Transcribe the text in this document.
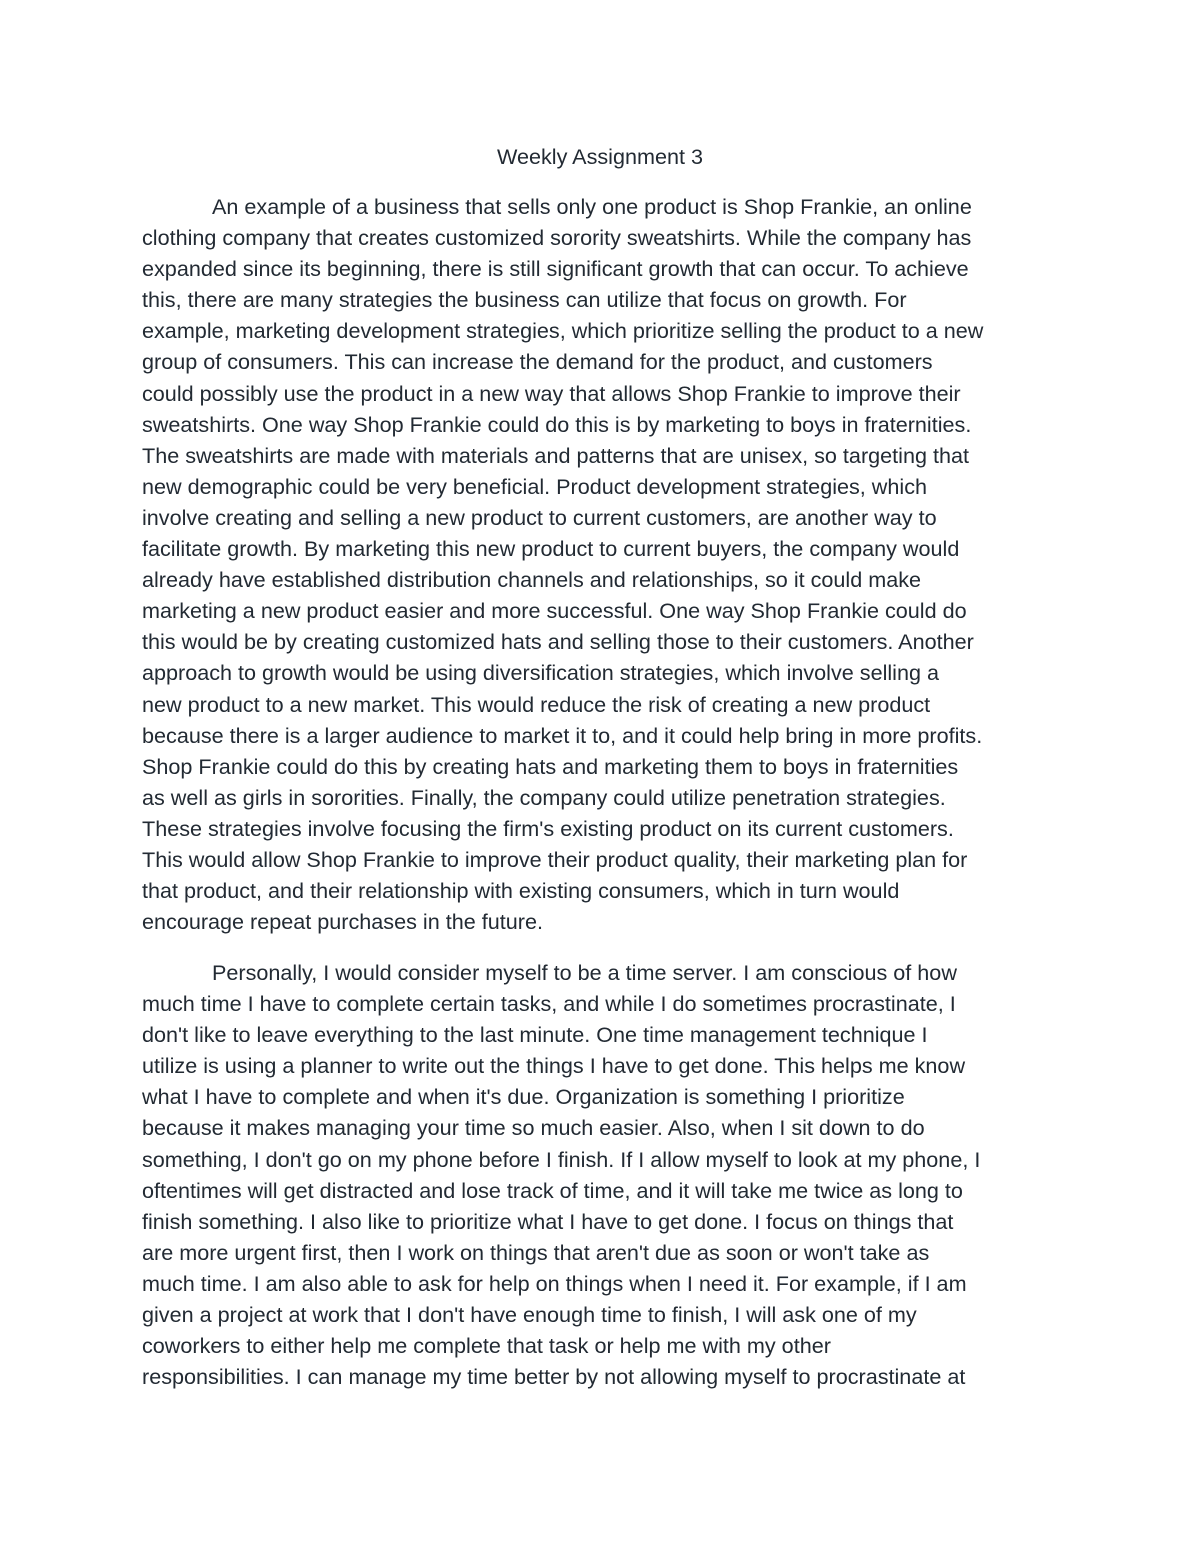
Weekly Assignment 3
An example of a business that sells only one product is Shop Frankie, an online
clothing company that creates customized sorority sweatshirts. While the company has
expanded since its beginning, there is still significant growth that can occur. To achieve
this, there are many strategies the business can utilize that focus on growth. For
example, marketing development strategies, which prioritize selling the product to a new
group of consumers. This can increase the demand for the product, and customers
could possibly use the product in a new way that allows Shop Frankie to improve their
sweatshirts. One way Shop Frankie could do this is by marketing to boys in fraternities.
The sweatshirts are made with materials and patterns that are unisex, so targeting that
new demographic could be very beneficial. Product development strategies, which
involve creating and selling a new product to current customers, are another way to
facilitate growth. By marketing this new product to current buyers, the company would
already have established distribution channels and relationships, so it could make
marketing a new product easier and more successful. One way Shop Frankie could do
this would be by creating customized hats and selling those to their customers. Another
approach to growth would be using diversification strategies, which involve selling a
new product to a new market. This would reduce the risk of creating a new product
because there is a larger audience to market it to, and it could help bring in more profits.
Shop Frankie could do this by creating hats and marketing them to boys in fraternities
as well as girls in sororities. Finally, the company could utilize penetration strategies.
These strategies involve focusing the firm's existing product on its current customers.
This would allow Shop Frankie to improve their product quality, their marketing plan for
that product, and their relationship with existing consumers, which in turn would
encourage repeat purchases in the future.
Personally, I would consider myself to be a time server. I am conscious of how
much time I have to complete certain tasks, and while I do sometimes procrastinate, I
don't like to leave everything to the last minute. One time management technique I
utilize is using a planner to write out the things I have to get done. This helps me know
what I have to complete and when it's due. Organization is something I prioritize
because it makes managing your time so much easier. Also, when I sit down to do
something, I don't go on my phone before I finish. If I allow myself to look at my phone, I
oftentimes will get distracted and lose track of time, and it will take me twice as long to
finish something. I also like to prioritize what I have to get done. I focus on things that
are more urgent first, then I work on things that aren't due as soon or won't take as
much time. I am also able to ask for help on things when I need it. For example, if I am
given a project at work that I don't have enough time to finish, I will ask one of my
coworkers to either help me complete that task or help me with my other
responsibilities. I can manage my time better by not allowing myself to procrastinate at
